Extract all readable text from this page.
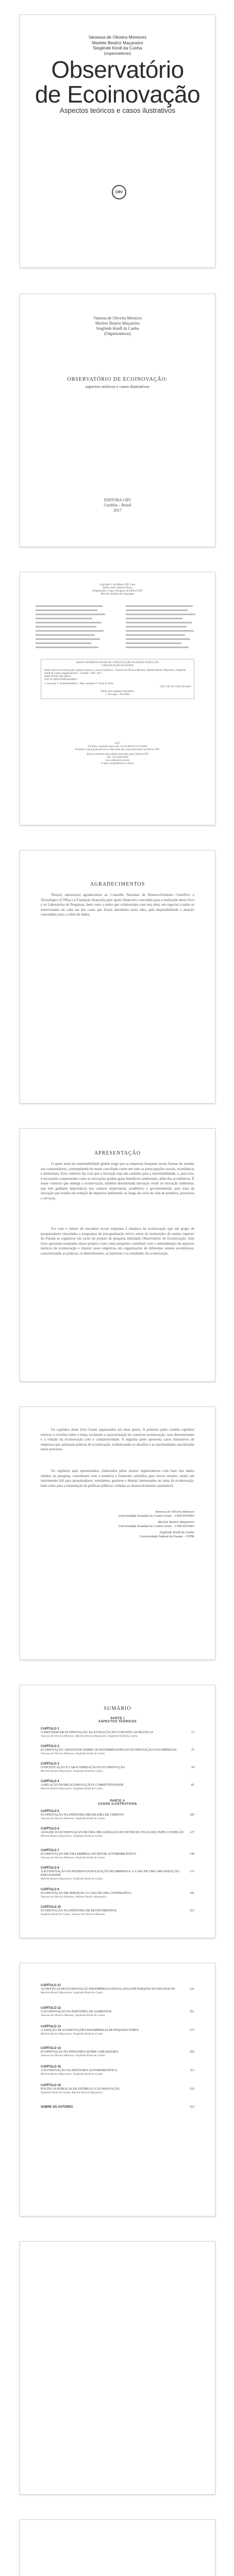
Vanessa de Oliveira Menezes
Marlete Beatriz Maçaneiro
Sieglinde Kindl da Cunha
(organizadoras)
Observatório
de Ecoinovação
Aspectos teóricos e casos ilustrativos
CRV
Vanessa de Oliveira Menezes
Marlete Beatriz Maçaneiro
Sieglinde Kindl da Cunha
(Organizadoras)
OBSERVATÓRIO DE ECOINOVAÇÃO:
aspectos teóricos e casos ilustrativos
EDITORA CRV
Curitiba – Brasil
2017
Copyright © da Editora CRV Ltda.
Editor-chefe: Railson Moura
Diagramação e Capa: Designers da Editora CRV
Revisão: Analista de Linguagem
DADOS INTERNACIONAIS DE CATALOGAÇÃO NA PUBLICAÇÃO (CIP)
CATALOGAÇÃO NA FONTE
Observatório de ecoinovação: aspectos teóricos e casos ilustrativos / Vanessa de Oliveira Menezes, Marlete Beatriz Maçaneiro, Sieglinde Kindl da Cunha (organizadoras) – Curitiba : CRV, 2017.
ISBN 978-85-444-1806-9
DOI 10.24824/978854441806.9
1. Inovação 2. Sustentabilidade 3. Meio ambiente I. Título II. Série
CDU 330.341 CDD 658.4063
Índice para catálogo sistemático
1. Inovação – 658.4063
2017
Foi feito o depósito legal conf. Lei 10.994 de 14/12/2004
Proibida a reprodução parcial ou total desta obra sem autorização da Editora CRV
Todos os direitos desta edição reservados pela: Editora CRV
Tel.: (41) 3039-6418
www.editoracrv.com.br
E-mail: sac@editoracrv.com.br
AGRADECIMENTOS
Nós(as) autores(as) agradecemos ao Conselho Nacional de Desenvolvimento Científico e Tecnológico (CNPq) e à Fundação Araucária pelo apoio financeiro concedido para a realização deste livro e ao Laboratório de Pesquisas, bem como a todos que colaboraram com esta obra, em especial a todos os entrevistados de cada um dos casos que foram abordados nesta obra, pela disponibilidade e atenção concedidas para a coleta de dados.
APRESENTAÇÃO
O apelo atual da sustentabilidade global exige que as empresas busquem novas formas de atender aos consumidores, contemplando de modo conciliado como um todo as preocupações sociais, econômicas e ambientais. Esse contexto faz com que a inovação seja um caminho para a sustentabilidade, e, para isso, é necessário compreender como as inovações podem gerar benefícios ambientais, além dos econômicos. É nesse contexto que emerge a ecoinovação, também denominada inovação verde ou inovação ambiental, que tem ganhado importância nos campos empresarial, acadêmico e governamental, pois trata da inovação que resulta em redução de impactos ambientais ao longo do ciclo de vida de produtos, processos e serviços.
Foi com o intuito de encontrar novas respostas à temática da ecoinovação que um grupo de pesquisadores vinculados a programas de pós-graduação stricto sensu de instituições de ensino superior do Paraná se organizou em torno do projeto de pesquisa intitulado Observatório de Ecoinovação. Este livro apresenta resultados desse projeto e tem como propósito contribuir com o entendimento de aspectos teóricos da ecoinovação e ilustrar casos empíricos em organizações de diferentes setores econômicos, caracterizando as práticas, os determinantes, as barreiras e os resultados da ecoinovação.
Os capítulos deste livro foram organizados em duas partes. A primeira parte contém capítulos teóricos e revisões sobre o tema, incluindo a caracterização do construto ecoinovação, seus determinantes e a relação da ecoinovação com a competitividade. A segunda parte apresenta casos ilustrativos de empresas que adotaram práticas de ecoinovação, evidenciando os desafios e as oportunidades encontradas nesse processo.
Os capítulos aqui apresentados, elaborados pelos nossos organizadores com base nos dados obtidos na pesquisa, contribuem com a temática e fornecem subsídios para novos estudos, sendo um instrumento útil para pesquisadores, estudantes, gestores e demais interessados no tema da ecoinovação, bem como para a formulação de políticas públicas voltadas ao desenvolvimento sustentável.
Vanessa de Oliveira Menezes
Universidade Estadual do Centro-Oeste – UNICENTRO
Marlete Beatriz Maçaneiro
Universidade Estadual do Centro-Oeste – UNICENTRO
Sieglinde Kindl da Cunha
Universidade Federal do Paraná – UFPR
SUMÁRIO
PARTE I
ASPECTOS TEÓRICOS
CAPÍTULO 1
O PROCESSO DE ECOINOVAÇÃO: DA EVOLUÇÃO DO CONCEITO ÀS PRÁTICAS
Vanessa de Oliveira Menezes; Marlete Beatriz Maçaneiro; Sieglinde Kindl da Cunha
13
CAPÍTULO 2
ECOINOVAÇÃO: UM ESTUDO SOBRE OS DETERMINANTES DA ECOINOVAÇÃO NAS EMPRESAS
Vanessa de Oliveira Menezes; Sieglinde Kindl da Cunha
37
CAPÍTULO 3
CONCEITUAÇÃO E CARACTERIZAÇÃO DA ECOINOVAÇÃO
Marlete Beatriz Maçaneiro; Sieglinde Kindl da Cunha
59
CAPÍTULO 4
A RELAÇÃO ENTRE ECOINOVAÇÃO E COMPETITIVIDADE
Marlete Beatriz Maçaneiro; Sieglinde Kindl da Cunha
81
PARTE II
CASOS ILUSTRATIVOS
CAPÍTULO 5
ECOINOVAÇÃO NA INDÚSTRIA BRASILEIRA DE CIMENTO
Vanessa de Oliveira Menezes; Sieglinde Kindl da Cunha
105
CAPÍTULO 6
ANÁLISE DA ECOINOVAÇÃO EM UMA ORGANIZAÇÃO DO SETOR DE CELULOSE, PAPEL E PAPELÃO
Marlete Beatriz Maçaneiro; Sieglinde Kindl da Cunha
127
CAPÍTULO 7
ECOINOVAÇÃO EM UMA EMPRESA DO SETOR AUTOMOBILÍSTICO
Vanessa de Oliveira Menezes; Sieglinde Kindl da Cunha
149
CAPÍTULO 8
A ECOINOVAÇÃO NA INTERNACIONALIZAÇÃO DE EMPRESAS: O CASO DE UMA ORGANIZAÇÃO PARANAENSE
Marlete Beatriz Maçaneiro; Sieglinde Kindl da Cunha
171
CAPÍTULO 9
ECOINOVAÇÃO EM SERVIÇOS: O CASO DE UMA COOPERATIVA
Vanessa de Oliveira Menezes; Marlete Beatriz Maçaneiro
191
CAPÍTULO 10
ECOINOVAÇÃO NA INDÚSTRIA DE REVESTIMENTOS
Sieglinde Kindl da Cunha; Vanessa de Oliveira Menezes
211
CAPÍTULO 11
AS PRÁTICAS DE ECOINOVAÇÃO EM EMPRESAS INSTALADAS EM PARQUES TECNOLÓGICOS
Marlete Beatriz Maçaneiro; Sieglinde Kindl da Cunha
231
CAPÍTULO 12
A ECOINOVAÇÃO NA INDÚSTRIA DE ALIMENTOS
Vanessa de Oliveira Menezes; Sieglinde Kindl da Cunha
251
CAPÍTULO 13
A ADOÇÃO DE ECOINOVAÇÕES EM EMPRESAS DE PEQUENO PORTE
Marlete Beatriz Maçaneiro; Sieglinde Kindl da Cunha
273
CAPÍTULO 14
ECOINOVAÇÃO NA INDÚSTRIA QUÍMICA BRASILEIRA
Vanessa de Oliveira Menezes; Sieglinde Kindl da Cunha
293
CAPÍTULO 15
A ECOINOVAÇÃO NA INDÚSTRIA AUTOMOBILÍSTICA
Marlete Beatriz Maçaneiro; Sieglinde Kindl da Cunha
313
CAPÍTULO 16
POLÍTICAS PÚBLICAS DE ESTÍMULO À ECOINOVAÇÃO
Sieglinde Kindl da Cunha; Marlete Beatriz Maçaneiro
333
SOBRE OS AUTORES	353
